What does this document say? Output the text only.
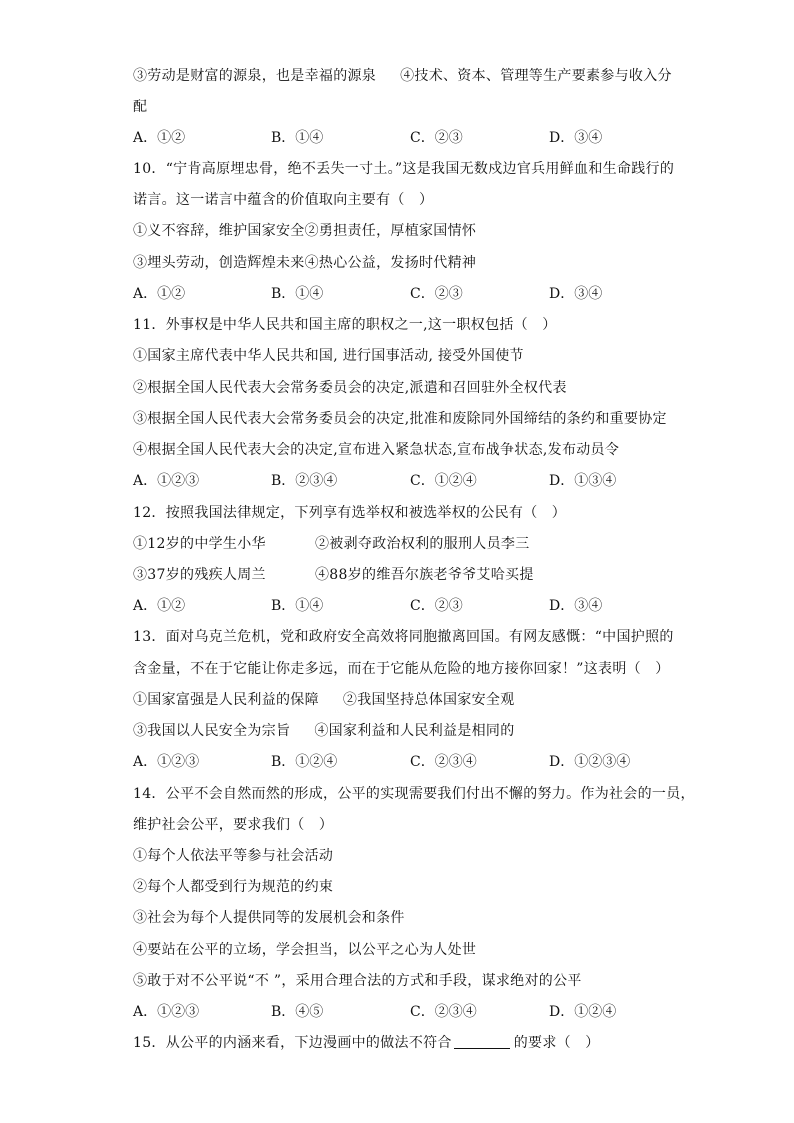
③劳动是财富的源泉，也是幸福的源泉 ④技术、资本、管理等生产要素参与收入分
配
A．①②	B．①④	C．②③	D．③④
10．“宁肯高原埋忠骨，绝不丢失一寸土。”这是我国无数戍边官兵用鲜血和生命践行的
诺言。这一诺言中蕴含的价值取向主要有（　）
①义不容辞，维护国家安全②勇担责任，厚植家国情怀
③埋头劳动，创造辉煌未来④热心公益，发扬时代精神
A．①②	B．①④	C．②③	D．③④
11．外事权是中华人民共和国主席的职权之一,这一职权包括（　）
①国家主席代表中华人民共和国, 进行国事活动, 接受外国使节
②根据全国人民代表大会常务委员会的决定,派遣和召回驻外全权代表
③根据全国人民代表大会常务委员会的决定,批准和废除同外国缔结的条约和重要协定
④根据全国人民代表大会的决定,宣布进入紧急状态,宣布战争状态,发布动员令
A．①②③	B．②③④	C．①②④	D．①③④
12．按照我国法律规定，下列享有选举权和被选举权的公民有（　）
①12岁的中学生小华	②被剥夺政治权利的服刑人员李三
③37岁的残疾人周兰	④88岁的维吾尔族老爷爷艾哈买提
A．①②	B．①④	C．②③	D．③④
13．面对乌克兰危机，党和政府安全高效将同胞撤离回国。有网友感慨：“中国护照的
含金量，不在于它能让你走多远，而在于它能从危险的地方接你回家！”这表明（　）
①国家富强是人民利益的保障 ②我国坚持总体国家安全观
③我国以人民安全为宗旨 ④国家利益和人民利益是相同的
A．①②③	B．①②④	C．②③④	D．①②③④
14．公平不会自然而然的形成，公平的实现需要我们付出不懈的努力。作为社会的一员，
维护社会公平，要求我们（　）
①每个人依法平等参与社会活动
②每个人都受到行为规范的约束
③社会为每个人提供同等的发展机会和条件
④要站在公平的立场，学会担当，以公平之心为人处世
⑤敢于对不公平说“不 ”，采用合理合法的方式和手段，谋求绝对的公平
A．①②③	B．④⑤	C．②③④	D．①②④
15．从公平的内涵来看，下边漫画中的做法不符合	的要求（　）
